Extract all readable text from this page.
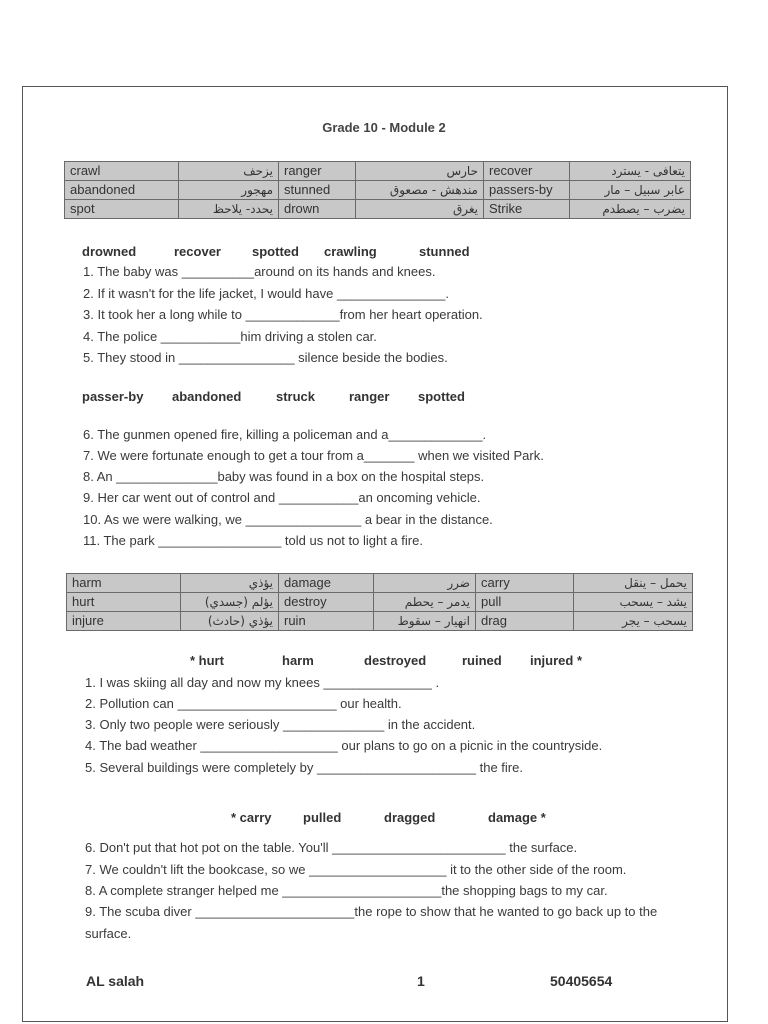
Grade 10 - Module 2
crawl	يزحف	ranger	حارس	recover	يتعافى - يسترد
abandoned	مهجور	stunned	مندهش - مصعوق	passers-by	عابر سبيل – مار
spot	يحدد- يلاحظ	drown	يغرق	Strike	يضرب – يصطدم
drowned	recover spotted crawling	stunned
1. The baby was __________around on its hands and knees.
2. If it wasn't for the life jacket, I would have _______________.
3. It took her a long while to _____________from her heart operation.
4. The police ___________him driving a stolen car.
5. They stood in ________________ silence beside the bodies.
passer-by abandoned	struck	ranger spotted
6. The gunmen opened fire, killing a policeman and a_____________.
7. We were fortunate enough to get a tour from a_______ when we visited Park.
8. An ______________baby was found in a box on the hospital steps.
9. Her car went out of control and ___________an oncoming vehicle.
10. As we were walking, we ________________ a bear in the distance.
11. The park _________________ told us not to light a fire.
harm	يؤذي	damage	ضرر	carry	يحمل – ينقل
hurt	يؤلم (جسدي)	destroy	يدمر – يحطم	pull	يشد – يسحب
injure	يؤذي (حادث)	ruin	انهيار – سقوط	drag	يسحب – يجر
* hurt	harm	destroyed	ruined injured *
1. I was skiing all day and now my knees _______________ .
2. Pollution can ______________________ our health.
3. Only two people were seriously ______________ in the accident.
4. The bad weather ___________________ our plans to go on a picnic in the countryside.
5. Several buildings were completely by ______________________ the fire.
* carry pulled	dragged	damage *
6. Don't put that hot pot on the table. You'll ________________________ the surface.
7. We couldn't lift the bookcase, so we ___________________ it to the other side of the room.
8. A complete stranger helped me ______________________the shopping bags to my car.
9. The scuba diver ______________________the rope to show that he wanted to go back up to the
surface.
AL salah	1	50405654
